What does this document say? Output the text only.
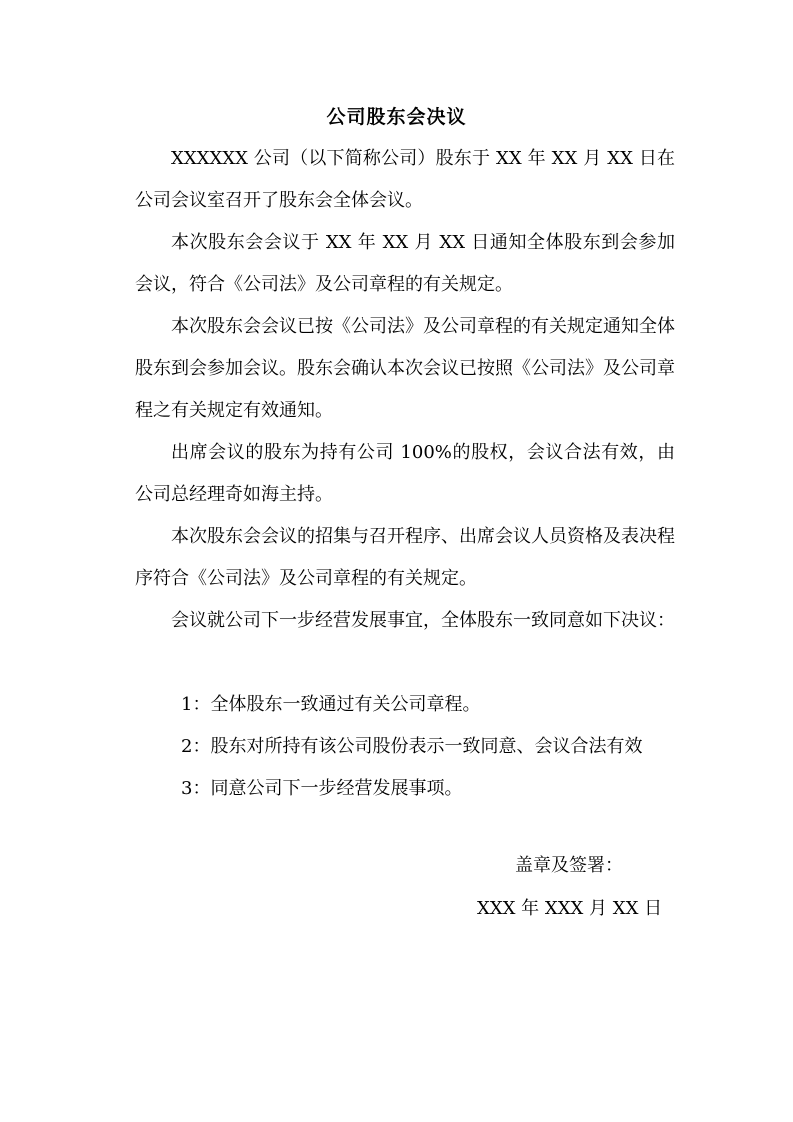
公司股东会决议

XXXXXX 公司（以下简称公司）股东于 XX 年 XX 月 XX 日在公司会议室召开了股东会全体会议。

本次股东会会议于 XX 年 XX 月 XX 日通知全体股东到会参加会议，符合《公司法》及公司章程的有关规定。

本次股东会会议已按《公司法》及公司章程的有关规定通知全体股东到会参加会议。股东会确认本次会议已按照《公司法》及公司章程之有关规定有效通知。

出席会议的股东为持有公司 100%的股权，会议合法有效，由公司总经理奇如海主持。

本次股东会会议的招集与召开程序、出席会议人员资格及表决程序符合《公司法》及公司章程的有关规定。

会议就公司下一步经营发展事宜，全体股东一致同意如下决议：

1：全体股东一致通过有关公司章程。

2：股东对所持有该公司股份表示一致同意、会议合法有效

3：同意公司下一步经营发展事项。

盖章及签署：
XXX 年 XXX 月 XX 日
